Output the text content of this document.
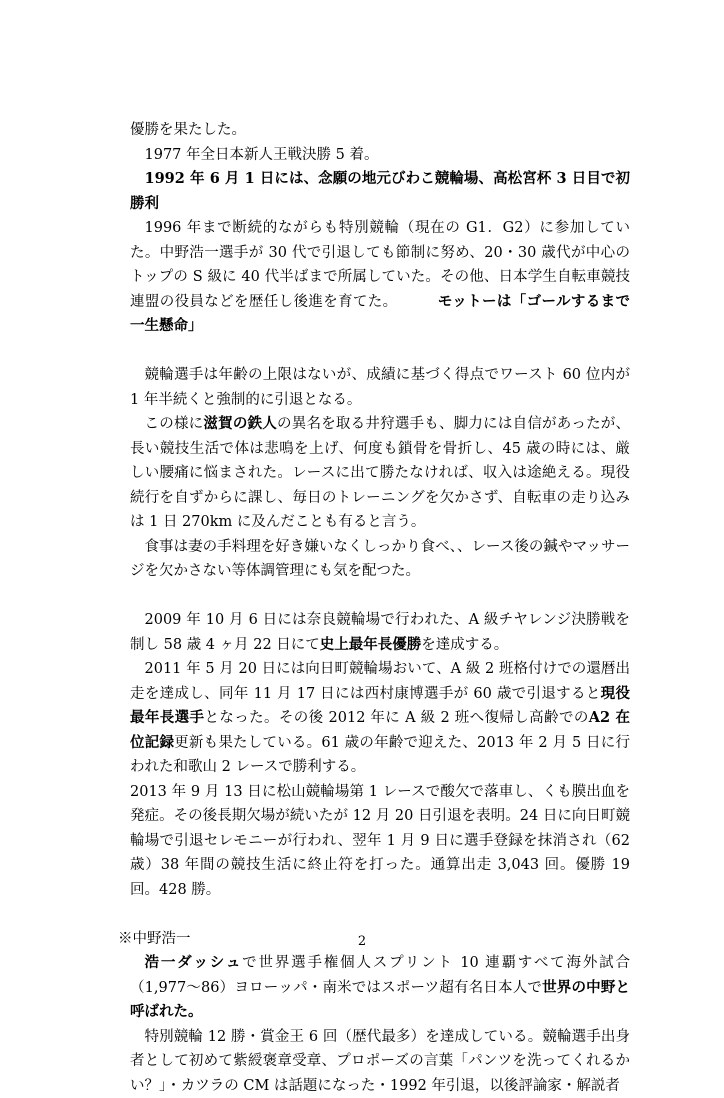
優勝を果たした。

1977 年全日本新人王戦決勝 5 着。

1992 年 6 月 1 日には、念願の地元びわこ競輪場、高松宮杯 3 日目で初勝利

1996 年まで断続的ながらも特別競輪（現在の G1．G2）に参加していた。中野浩一選手が 30 代で引退しても節制に努め、20・30 歳代が中心のトップの S 級に 40 代半ばまで所属していた。その他、日本学生自転車競技連盟の役員などを歴任し後進を育てた。	モットーは「ゴールするまで一生懸命」

競輪選手は年齢の上限はないが、成績に基づく得点でワースト 60 位内が 1 年半続くと強制的に引退となる。

この様に滋賀の鉄人の異名を取る井狩選手も、脚力には自信があったが、長い競技生活で体は悲鳴を上げ、何度も鎖骨を骨折し、45 歳の時には、厳しい腰痛に悩まされた。レースに出て勝たなければ、収入は途絶える。現役続行を自ずからに課し、毎日のトレーニングを欠かさず、自転車の走り込みは 1 日 270km に及んだことも有ると言う。

食事は妻の手料理を好き嫌いなくしっかり食べ、、レース後の鍼やマッサージを欠かさない等体調管理にも気を配つた。

2009 年 10 月 6 日には奈良競輪場で行われた、A 級チヤレンジ決勝戦を制し 58 歳 4 ヶ月 22 日にて史上最年長優勝を達成する。

2011 年 5 月 20 日には向日町競輪場おいて、A 級 2 班格付けでの還暦出走を達成し、同年 11 月 17 日には西村康博選手が 60 歳で引退すると現役最年長選手となった。その後 2012 年に A 級 2 班へ復帰し高齢でのA2 在位記録更新も果たしている。61 歳の年齢で迎えた、2013 年 2 月 5 日に行われた和歌山 2 レースで勝利する。

2013 年 9 月 13 日に松山競輪場第 1 レースで酸欠で落車し、くも膜出血を発症。その後長期欠場が続いたが 12 月 20 日引退を表明。24 日に向日町競輪場で引退セレモニーが行われ、翌年 1 月 9 日に選手登録を抹消され（62 歳）38 年間の競技生活に終止符を打った。通算出走 3,043 回。優勝 19 回。428 勝。

※中野浩一

浩一ダッシュで世界選手権個人スプリント 10 連覇すべて海外試合（1,977～86）ヨローッパ・南米ではスポーツ超有名日本人で世界の中野と呼ばれた。

特別競輪 12 勝・賞金王 6 回（歴代最多）を達成している。競輪選手出身者として初めて紫綬褒章受章、プロポーズの言葉「パンツを洗ってくれるかい？」・カツラの CM は話題になった・1992 年引退，以後評論家・解説者

2
